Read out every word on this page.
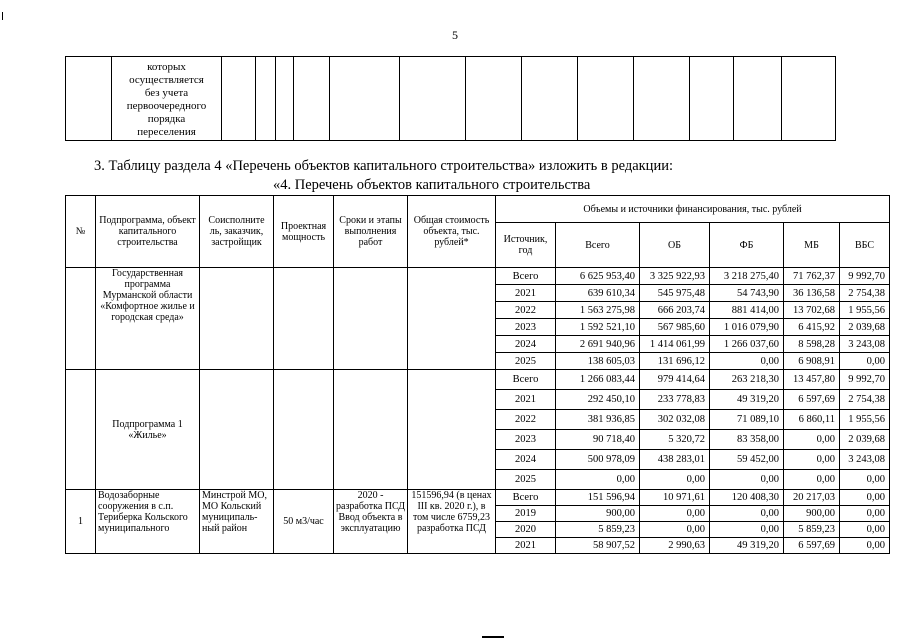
5

которых
осуществляется
без учета
первоочередного
порядка
переселения

3. Таблицу раздела 4 «Перечень объектов капитального строительства» изложить в редакции:
«4. Перечень объектов капитального строительства
№	Подпрограмма, объект капитального строительства	Соисполните ль, заказчик, застройщик	Проектная мощность	Сроки и этапы выполнения работ	Общая стоимость объекта, тыс. рублей*	Объемы и источники финансирования, тыс. рублей					
						Источник, год	Всего	ОБ	ФБ	МБ	ВБС
	Государственная программа Мурманской области «Комфортное жилье и городская среда»					Всего	6 625 953,40	3 325 922,93	3 218 275,40	71 762,37	9 992,70
						2021	639 610,34	545 975,48	54 743,90	36 136,58	2 754,38
						2022	1 563 275,98	666 203,74	881 414,00	13 702,68	1 955,56
						2023	1 592 521,10	567 985,60	1 016 079,90	6 415,92	2 039,68
						2024	2 691 940,96	1 414 061,99	1 266 037,60	8 598,28	3 243,08
						2025	138 605,03	131 696,12	0,00	6 908,91	0,00
	Подпрограмма 1 «Жилье»					Всего	1 266 083,44	979 414,64	263 218,30	13 457,80	9 992,70
						2021	292 450,10	233 778,83	49 319,20	6 597,69	2 754,38
						2022	381 936,85	302 032,08	71 089,10	6 860,11	1 955,56
						2023	90 718,40	5 320,72	83 358,00	0,00	2 039,68
						2024	500 978,09	438 283,01	59 452,00	0,00	3 243,08
						2025	0,00	0,00	0,00	0,00	0,00
1	Водозаборные сооружения в с.п. Териберка Кольского муниципального	Минстрой МО, МО Кольский муниципаль-ный район	50 м3/час	2020 - разработка ПСД Ввод объекта в эксплуатацию	151596,94 (в ценах III кв. 2020 г.), в том числе 6759,23 разработка ПСД	Всего	151 596,94	10 971,61	120 408,30	20 217,03	0,00
						2019	900,00	0,00	0,00	900,00	0,00
						2020	5 859,23	0,00	0,00	5 859,23	0,00
						2021	58 907,52	2 990,63	49 319,20	6 597,69	0,00
